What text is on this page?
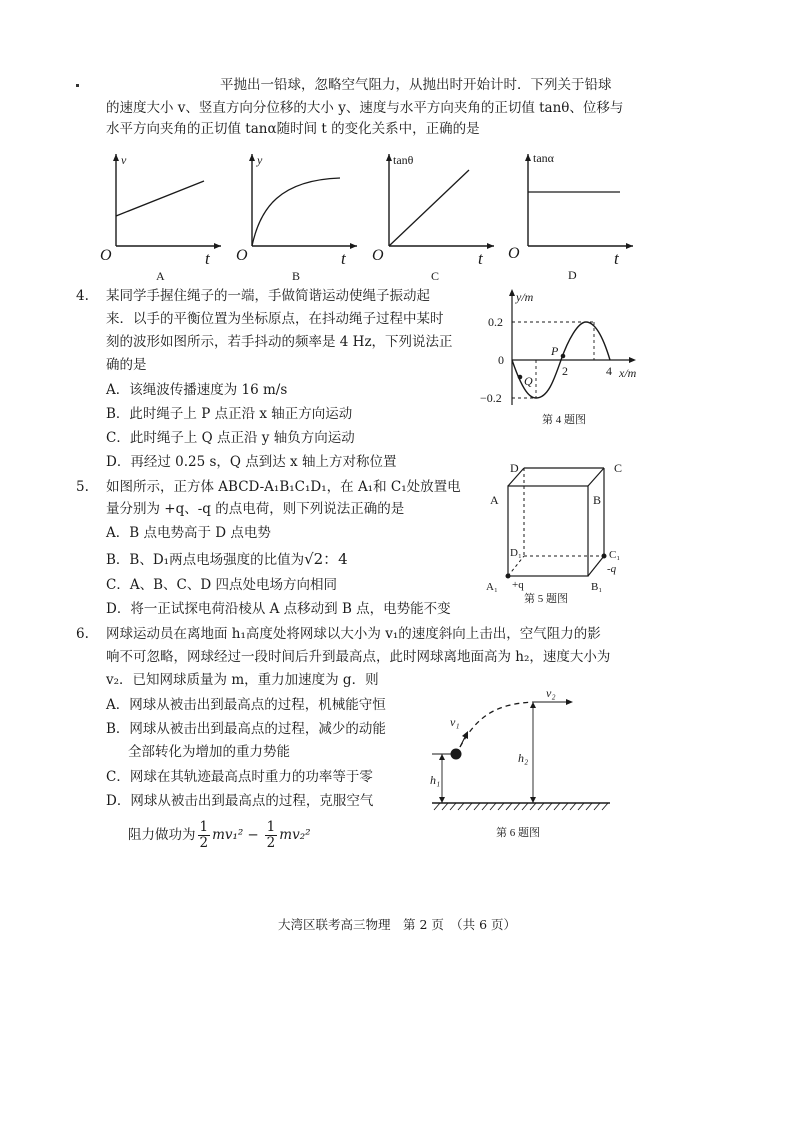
平抛出一铅球，忽略空气阻力，从抛出时开始计时．下列关于铅球
的速度大小 v、竖直方向分位移的大小 y、速度与水平方向夹角的正切值 tanθ、位移与
水平方向夹角的正切值 tanα随时间 t 的变化关系中，正确的是
v
t
O
A
y
t
O
B
tanθ
t
O
C
tanα
t
O
D
4. 某同学手握住绳子的一端，手做简谐运动使绳子振动起
来．以手的平衡位置为坐标原点，在抖动绳子过程中某时
刻的波形如图所示，若手抖动的频率是 4 Hz，下列说法正
确的是
A．该绳波传播速度为 16 m/s
B．此时绳子上 P 点正沿 x 轴正方向运动
C．此时绳子上 Q 点正沿 y 轴负方向运动
D．再经过 0.25 s，Q 点到达 x 轴上方对称位置
y/m
x/m
0.2
0
−0.2
2	4
P
Q
第 4 题图
5. 如图所示，正方体 ABCD-A₁B₁C₁D₁，在 A₁和 C₁处放置电
量分别为 +q、-q 的点电荷，则下列说法正确的是
A．B 点电势高于 D 点电势
B．B、D₁两点电场强度的比值为√2：4
C．A、B、C、D 四点处电场方向相同
D．将一正试探电荷沿棱从 A 点移动到 B 点，电势能不变
D	C
A	B
D₁	C₁
A₁ +q
-q
B₁
第 5 题图
6. 网球运动员在离地面 h₁高度处将网球以大小为 v₁的速度斜向上击出，空气阻力的影
响不可忽略，网球经过一段时间后升到最高点，此时网球离地面高为 h₂，速度大小为
v₂．已知网球质量为 m，重力加速度为 g．则
A．网球从被击出到最高点的过程，机械能守恒
B．网球从被击出到最高点的过程，减少的动能
全部转化为增加的重力势能
C．网球在其轨迹最高点时重力的功率等于零
D．网球从被击出到最高点的过程，克服空气
阻力做功为 $\frac{1}{2} mv_1^2 - \frac{1}{2} mv_2^2$
v₁
v₂
h₁
h₂
第 6 题图
大湾区联考高三物理　第 2 页　（共 6 页）
